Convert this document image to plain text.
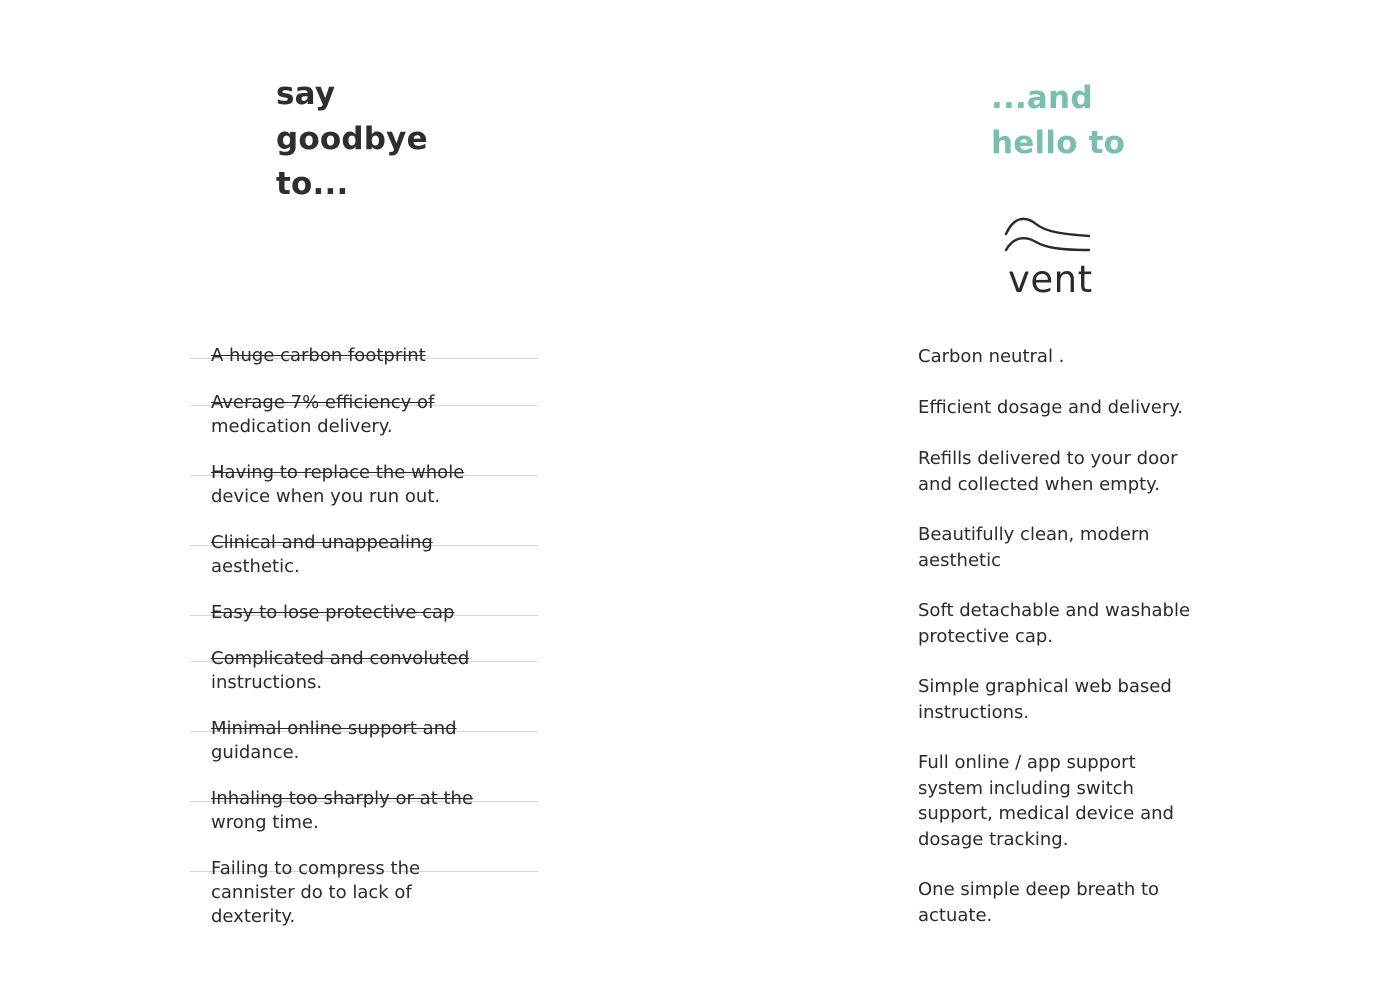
say
goodbye
to...
...and
hello to
vent
A huge carbon footprint
Average 7% efficiency of
medication delivery.
Having to replace the whole
device when you run out.
Clinical and unappealing
aesthetic.
Easy to lose protective cap
Complicated and convoluted
instructions.
Minimal online support and
guidance.
Inhaling too sharply or at the
wrong time.
Failing to compress the
cannister do to lack of
dexterity.
Carbon neutral .
Efficient dosage and delivery.
Refills delivered to your door
and collected when empty.
Beautifully clean, modern
aesthetic
Soft detachable and washable
protective cap.
Simple graphical web based
instructions.
Full online / app support
system including switch
support, medical device and
dosage tracking.
One simple deep breath to
actuate.
